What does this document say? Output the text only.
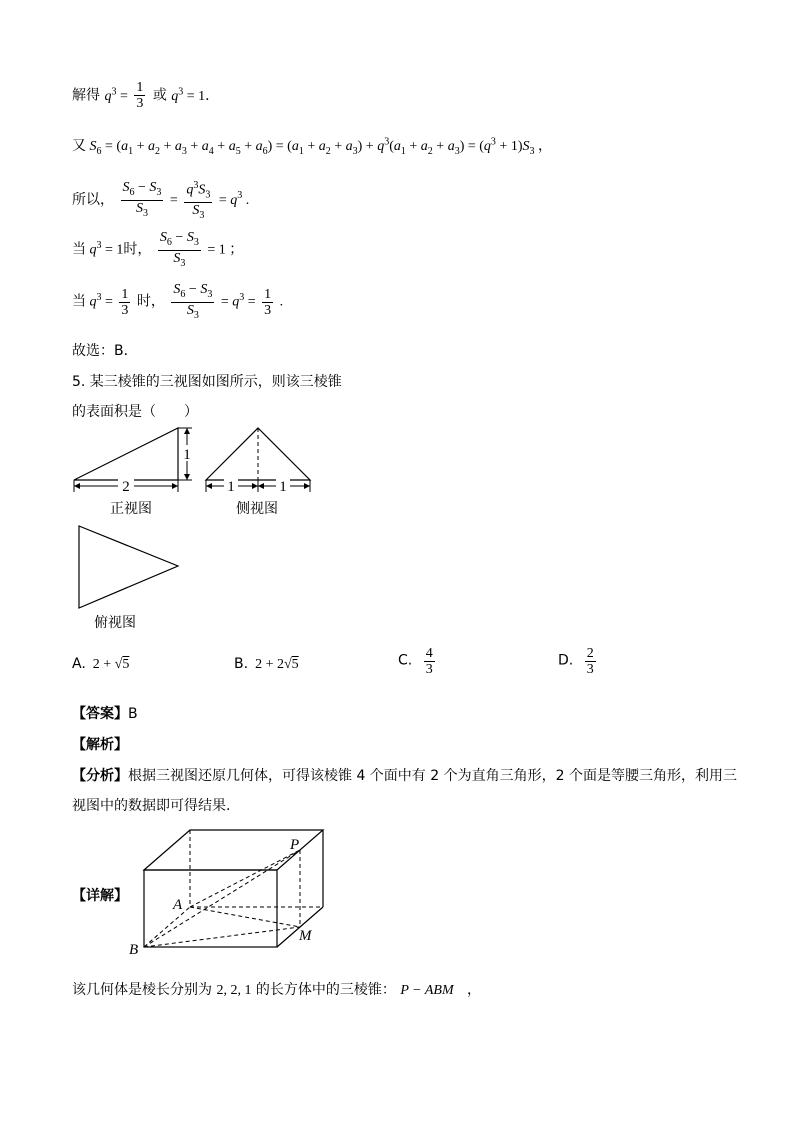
解得 $q^3 = \frac{1}{3}$ 或 $q^3 = 1$．
又 $S_6 = (a_1 + a_2 + a_3 + a_4 + a_5 + a_6) = (a_1 + a_2 + a_3) + q^3(a_1 + a_2 + a_3) = (q^3 + 1)S_3$ ，
所以， $\frac{S_6 - S_3}{S_3} = \frac{q^3S_3}{S_3} = q^3$ .
当 $q^3 = 1$时， $\frac{S_6 - S_3}{S_3} = 1$ ；
当 $q^3 = \frac{1}{3}$ 时， $\frac{S_6 - S_3}{S_3} = q^3 = \frac{1}{3}$ .
故选：B．
5. 某三棱锥的三视图如图所示，则该三棱锥
的表面积是（　　）
2
1
1	1
正视图	侧视图
俯视图
A.  2 + √5	B.  2 + 2√5	C. $\frac{4}{3}$	D. $\frac{2}{3}$
【答案】B
【解析】
【分析】根据三视图还原几何体，可得该棱锥 4 个面中有 2 个为直角三角形，2 个面是等腰三角形，利用三
视图中的数据即可得结果.
【详解】
P
A
B
M
该几何体是棱长分别为 2, 2, 1 的长方体中的三棱锥： P − ABM ，
